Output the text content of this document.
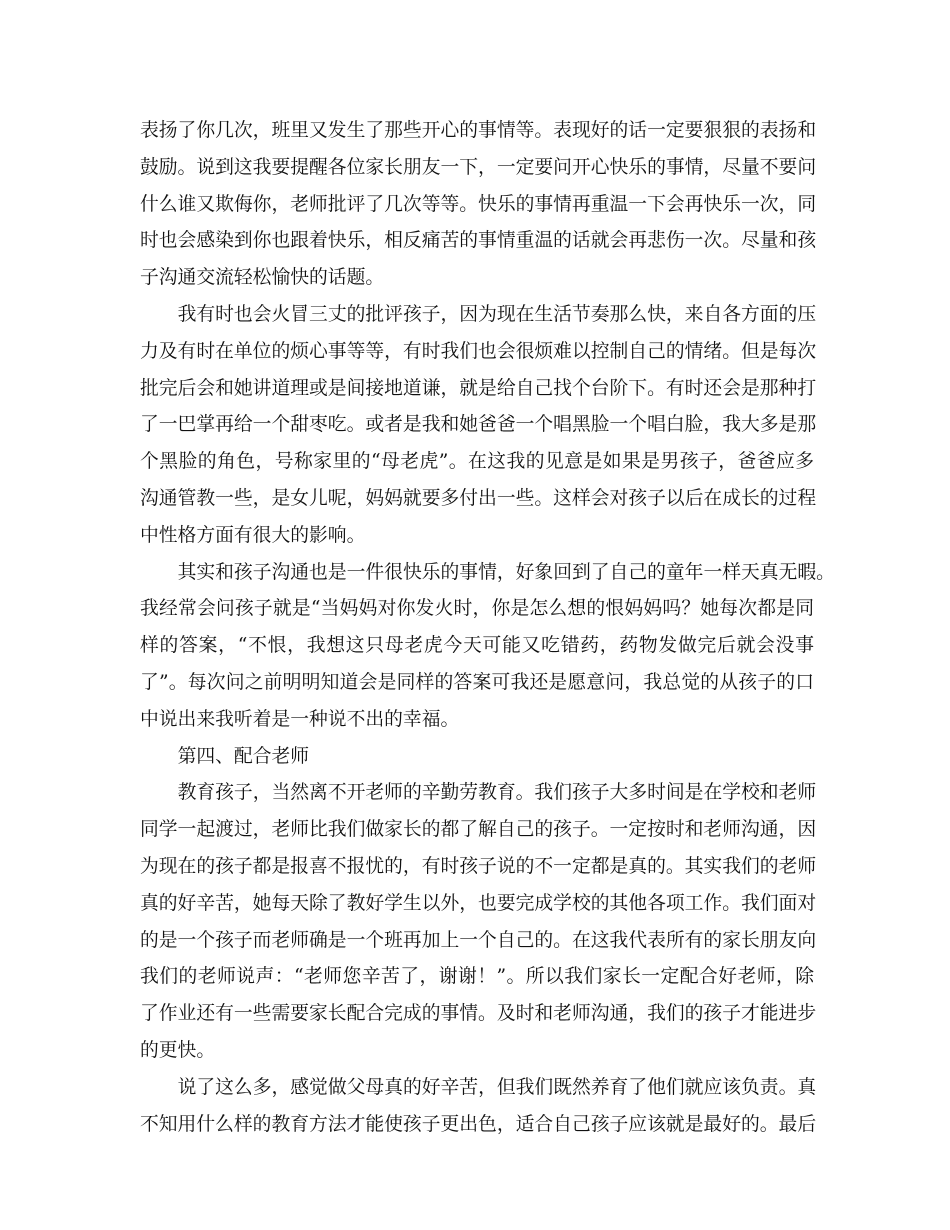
表扬了你几次，班里又发生了那些开心的事情等。表现好的话一定要狠狠的表扬和
鼓励。说到这我要提醒各位家长朋友一下，一定要问开心快乐的事情，尽量不要问
什么谁又欺侮你，老师批评了几次等等。快乐的事情再重温一下会再快乐一次，同
时也会感染到你也跟着快乐，相反痛苦的事情重温的话就会再悲伤一次。尽量和孩
子沟通交流轻松愉快的话题。
我有时也会火冒三丈的批评孩子，因为现在生活节奏那么快，来自各方面的压
力及有时在单位的烦心事等等，有时我们也会很烦难以控制自己的情绪。但是每次
批完后会和她讲道理或是间接地道谦，就是给自己找个台阶下。有时还会是那种打
了一巴掌再给一个甜枣吃。或者是我和她爸爸一个唱黑脸一个唱白脸，我大多是那
个黑脸的角色，号称家里的“母老虎”。在这我的见意是如果是男孩子，爸爸应多
沟通管教一些，是女儿呢，妈妈就要多付出一些。这样会对孩子以后在成长的过程
中性格方面有很大的影响。
其实和孩子沟通也是一件很快乐的事情，好象回到了自己的童年一样天真无暇。
我经常会问孩子就是“当妈妈对你发火时，你是怎么想的恨妈妈吗？她每次都是同
样的答案，“不恨，我想这只母老虎今天可能又吃错药，药物发做完后就会没事
了”。每次问之前明明知道会是同样的答案可我还是愿意问，我总觉的从孩子的口
中说出来我听着是一种说不出的幸福。
第四、配合老师
教育孩子，当然离不开老师的辛勤劳教育。我们孩子大多时间是在学校和老师
同学一起渡过，老师比我们做家长的都了解自己的孩子。一定按时和老师沟通，因
为现在的孩子都是报喜不报忧的，有时孩子说的不一定都是真的。其实我们的老师
真的好辛苦，她每天除了教好学生以外，也要完成学校的其他各项工作。我们面对
的是一个孩子而老师确是一个班再加上一个自己的。在这我代表所有的家长朋友向
我们的老师说声：“老师您辛苦了，谢谢！”。所以我们家长一定配合好老师，除
了作业还有一些需要家长配合完成的事情。及时和老师沟通，我们的孩子才能进步
的更快。
说了这么多，感觉做父母真的好辛苦，但我们既然养育了他们就应该负责。真
不知用什么样的教育方法才能使孩子更出色，适合自己孩子应该就是最好的。最后
